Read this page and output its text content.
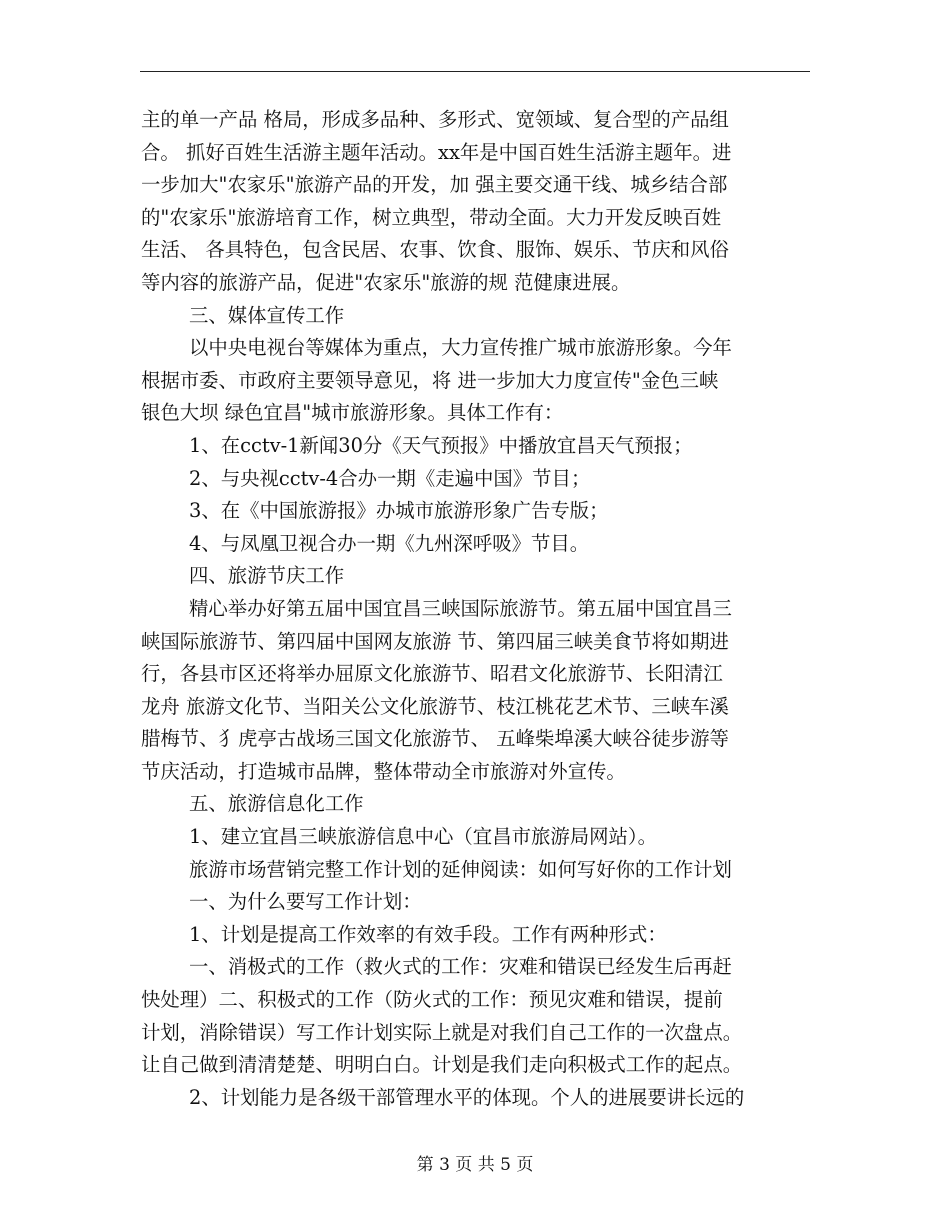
主的单一产品 格局，形成多品种、多形式、宽领域、复合型的产品组

合。 抓好百姓生活游主题年活动。xx年是中国百姓生活游主题年。进

一步加大"农家乐"旅游产品的开发，加 强主要交通干线、城乡结合部

的"农家乐"旅游培育工作，树立典型，带动全面。大力开发反映百姓

生活、 各具特色，包含民居、农事、饮食、服饰、娱乐、节庆和风俗

等内容的旅游产品，促进"农家乐"旅游的规 范健康进展。

三、媒体宣传工作

以中央电视台等媒体为重点，大力宣传推广城市旅游形象。今年

根据市委、市政府主要领导意见，将 进一步加大力度宣传"金色三峡

银色大坝 绿色宜昌"城市旅游形象。具体工作有：

1、在cctv-1新闻30分《天气预报》中播放宜昌天气预报；

2、与央视cctv-4合办一期《走遍中国》节目；

3、在《中国旅游报》办城市旅游形象广告专版；

4、与凤凰卫视合办一期《九州深呼吸》节目。

四、旅游节庆工作

精心举办好第五届中国宜昌三峡国际旅游节。第五届中国宜昌三

峡国际旅游节、第四届中国网友旅游 节、第四届三峡美食节将如期进

行，各县市区还将举办屈原文化旅游节、昭君文化旅游节、长阳清江

龙舟 旅游文化节、当阳关公文化旅游节、枝江桃花艺术节、三峡车溪

腊梅节、犭虎亭古战场三国文化旅游节、 五峰柴埠溪大峡谷徒步游等

节庆活动，打造城市品牌，整体带动全市旅游对外宣传。

五、旅游信息化工作

1、建立宜昌三峡旅游信息中心（宜昌市旅游局网站）。

旅游市场营销完整工作计划的延伸阅读：如何写好你的工作计划

一、为什么要写工作计划：

1、计划是提高工作效率的有效手段。工作有两种形式：

一、消极式的工作（救火式的工作：灾难和错误已经发生后再赶

快处理）二、积极式的工作（防火式的工作：预见灾难和错误，提前

计划，消除错误）写工作计划实际上就是对我们自己工作的一次盘点。

让自己做到清清楚楚、明明白白。计划是我们走向积极式工作的起点。

2、计划能力是各级干部管理水平的体现。个人的进展要讲长远的

第 3 页 共 5 页
